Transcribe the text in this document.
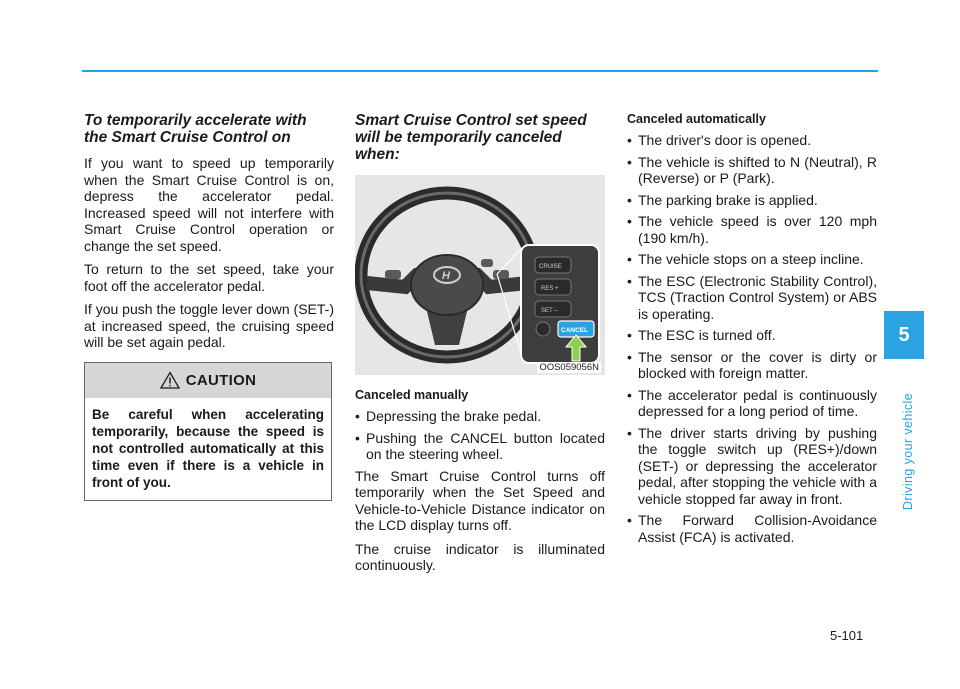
To temporarily accelerate with the Smart Cruise Control on

If you want to speed up temporarily when the Smart Cruise Control is on, depress the accelerator pedal. Increased speed will not interfere with Smart Cruise Control operation or change the set speed.

To return to the set speed, take your foot off the accelerator pedal.

If you push the toggle lever down (SET-) at increased speed, the cruising speed will be set again pedal.

CAUTION
Be careful when accelerating temporarily, because the speed is not controlled automatically at this time even if there is a vehicle in front of you.
Smart Cruise Control set speed will be temporarily canceled when:
H
CRUISE
RES +
SET –
CANCEL
OOS059056N
Canceled manually
• Depressing the brake pedal.
• Pushing the CANCEL button located on the steering wheel.

The Smart Cruise Control turns off temporarily when the Set Speed and Vehicle-to-Vehicle Distance indicator on the LCD display turns off.

The cruise indicator is illuminated continuously.

Canceled automatically
• The driver's door is opened.
• The vehicle is shifted to N (Neutral), R (Reverse) or P (Park).
• The parking brake is applied.
• The vehicle speed is over 120 mph (190 km/h).
• The vehicle stops on a steep incline.
• The ESC (Electronic Stability Control), TCS (Traction Control System) or ABS is operating.
• The ESC is turned off.
• The sensor or the cover is dirty or blocked with foreign matter.
• The accelerator pedal is continuously depressed for a long period of time.
• The driver starts driving by pushing the toggle switch up (RES+)/down (SET-) or depressing the accelerator pedal, after stopping the vehicle with a vehicle stopped far away in front.
• The Forward Collision-Avoidance Assist (FCA) is activated.
5
Driving your vehicle
5-101
